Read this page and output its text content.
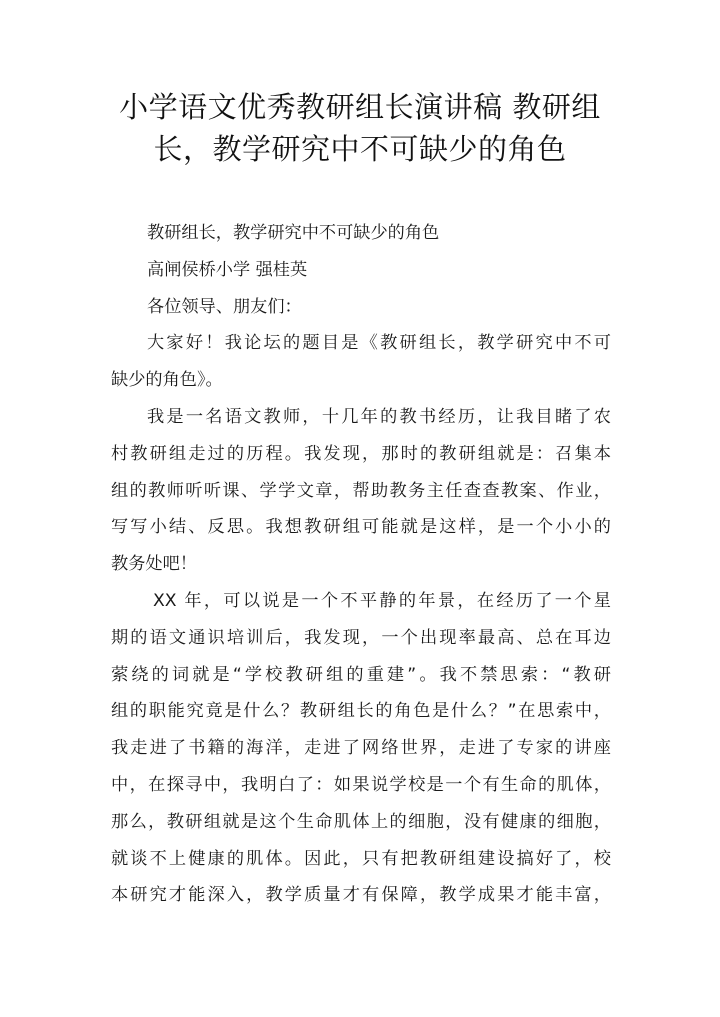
小学语文优秀教研组长演讲稿 教研组
长，教学研究中不可缺少的角色
教研组长，教学研究中不可缺少的角色
高闸侯桥小学 强桂英
各位领导、朋友们：
大家好！我论坛的题目是《教研组长，教学研究中不可
缺少的角色》。
我是一名语文教师，十几年的教书经历，让我目睹了农
村教研组走过的历程。我发现，那时的教研组就是：召集本
组的教师听听课、学学文章，帮助教务主任查查教案、作业，
写写小结、反思。我想教研组可能就是这样，是一个小小的
教务处吧！
XX 年，可以说是一个不平静的年景，在经历了一个星
期的语文通识培训后，我发现，一个出现率最高、总在耳边
萦绕的词就是“学校教研组的重建”。我不禁思索：“教研
组的职能究竟是什么？教研组长的角色是什么？”在思索中，
我走进了书籍的海洋，走进了网络世界，走进了专家的讲座
中，在探寻中，我明白了：如果说学校是一个有生命的肌体，
那么，教研组就是这个生命肌体上的细胞，没有健康的细胞，
就谈不上健康的肌体。因此，只有把教研组建设搞好了，校
本研究才能深入，教学质量才有保障，教学成果才能丰富，
